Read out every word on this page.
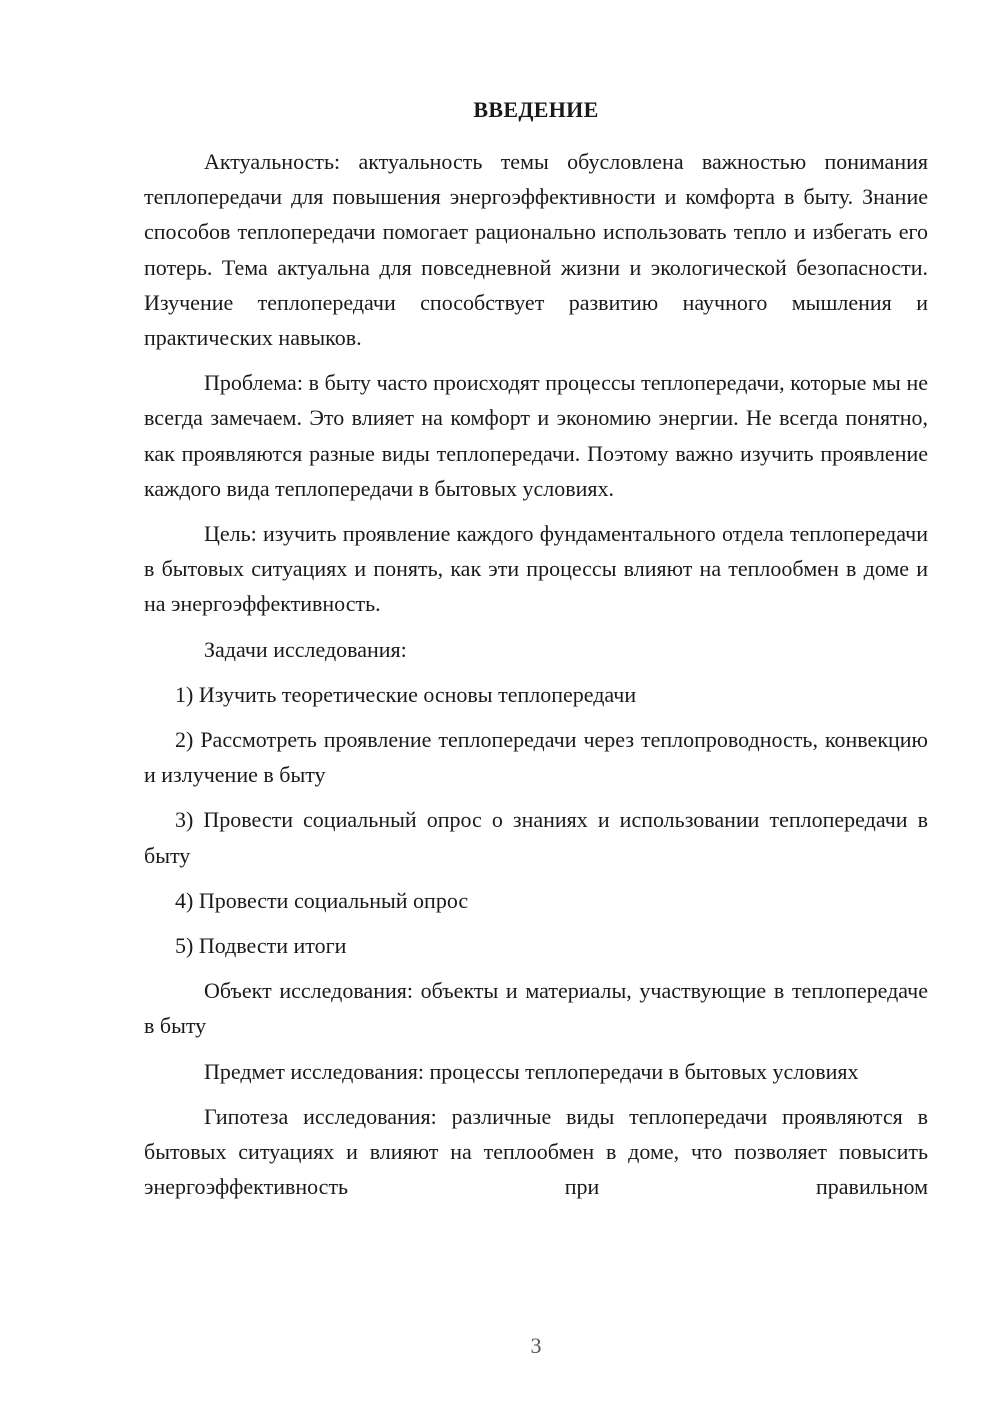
ВВЕДЕНИЕ

Актуальность: актуальность темы обусловлена важностью понимания теплопередачи для повышения энергоэффективности и комфорта в быту. Знание способов теплопередачи помогает рационально использовать тепло и избегать его потерь. Тема актуальна для повседневной жизни и экологической безопасности. Изучение теплопередачи способствует развитию научного мышления и практических навыков.

Проблема: в быту часто происходят процессы теплопередачи, которые мы не всегда замечаем. Это влияет на комфорт и экономию энергии. Не всегда понятно, как проявляются разные виды теплопередачи. Поэтому важно изучить проявление каждого вида теплопередачи в бытовых условиях.

Цель: изучить проявление каждого фундаментального отдела теплопередачи в бытовых ситуациях и понять, как эти процессы влияют на теплообмен в доме и на энергоэффективность.

Задачи исследования:

1) Изучить теоретические основы теплопередачи

2) Рассмотреть проявление теплопередачи через теплопроводность, конвекцию и излучение в быту

3) Провести социальный опрос о знаниях и использовании теплопередачи в быту

4) Провести социальный опрос

5) Подвести итоги

Объект исследования: объекты и материалы, участвующие в теплопередаче в быту

Предмет исследования: процессы теплопередачи в бытовых условиях

Гипотеза исследования: различные виды теплопередачи проявляются в бытовых ситуациях и влияют на теплообмен в доме, что позволяет повысить энергоэффективность при правильном

3
